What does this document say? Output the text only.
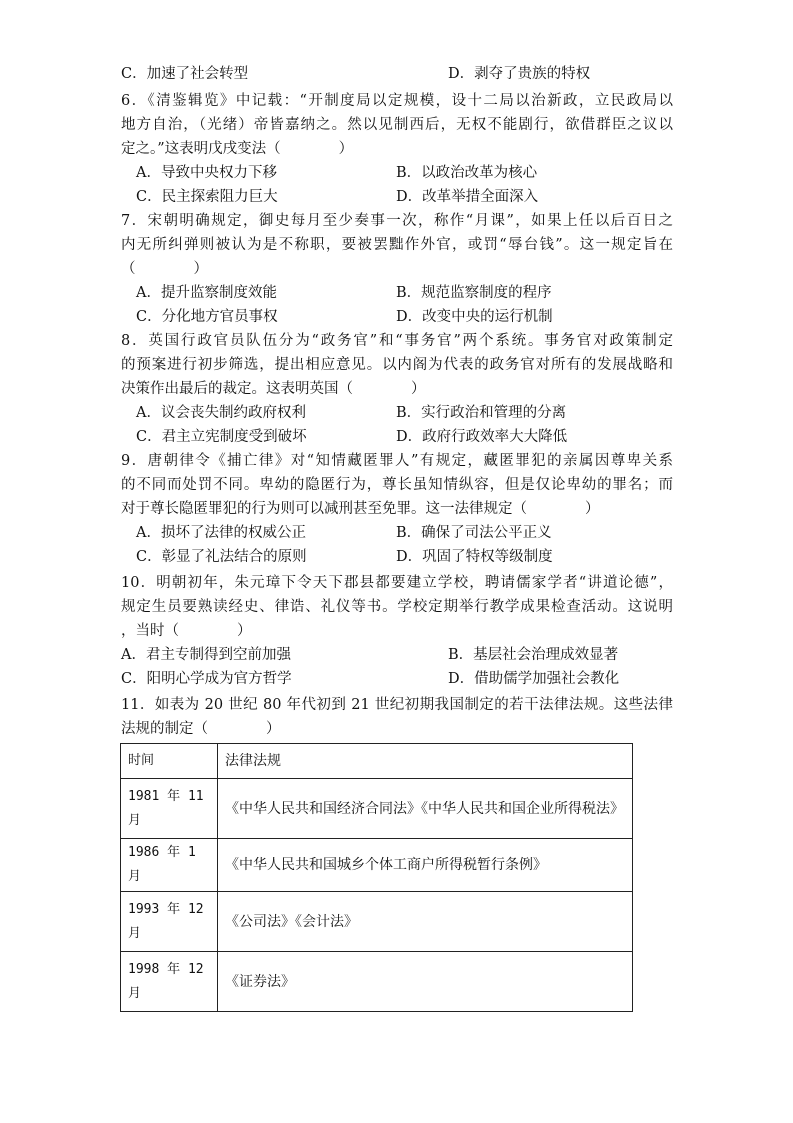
C．加速了社会转型	D．剥夺了贵族的特权
6．《清鉴辑览》中记载：“开制度局以定规模，设十二局以治新政，立民政局以
地方自治，（光绪）帝皆嘉纳之。然以见制西后，无权不能剧行，欲借群臣之议以
定之。”这表明戊戌变法（　　　　）
A．导致中央权力下移	B．以政治改革为核心
C．民主探索阻力巨大	D．改革举措全面深入
7．宋朝明确规定，御史每月至少奏事一次，称作“月课”，如果上任以后百日之
内无所纠弹则被认为是不称职，要被罢黜作外官，或罚“辱台钱”。这一规定旨在
（　　　　）
A．提升监察制度效能	B．规范监察制度的程序
C．分化地方官员事权	D．改变中央的运行机制
8．英国行政官员队伍分为“政务官”和“事务官”两个系统。事务官对政策制定
的预案进行初步筛选，提出相应意见。以内阁为代表的政务官对所有的发展战略和
决策作出最后的裁定。这表明英国（　　　　）
A．议会丧失制约政府权利	B．实行政治和管理的分离
C．君主立宪制度受到破坏	D．政府行政效率大大降低
9．唐朝律令《捕亡律》对“知情藏匿罪人”有规定，藏匿罪犯的亲属因尊卑关系
的不同而处罚不同。卑幼的隐匿行为，尊长虽知情纵容，但是仅论卑幼的罪名；而
对于尊长隐匿罪犯的行为则可以减刑甚至免罪。这一法律规定（　　　　）
A．损坏了法律的权威公正	B．确保了司法公平正义
C．彰显了礼法结合的原则	D．巩固了特权等级制度
10．明朝初年，朱元璋下令天下郡县都要建立学校，聘请儒家学者“讲道论德”，
规定生员要熟读经史、律诰、礼仪等书。学校定期举行教学成果检查活动。这说明
，当时（　　　　）
A．君主专制得到空前加强	B．基层社会治理成效显著
C．阳明心学成为官方哲学	D．借助儒学加强社会教化
11．如表为 20 世纪 80 年代初到 21 世纪初期我国制定的若干法律法规。这些法律
法规的制定（　　　　）
时间	法律法规
1981 年 11 月	《中华人民共和国经济合同法》《中华人民共和国企业所得税法》
1986 年 1 月	《中华人民共和国城乡个体工商户所得税暂行条例》
1993 年 12 月	《公司法》《会计法》
1998 年 12 月	《证券法》
